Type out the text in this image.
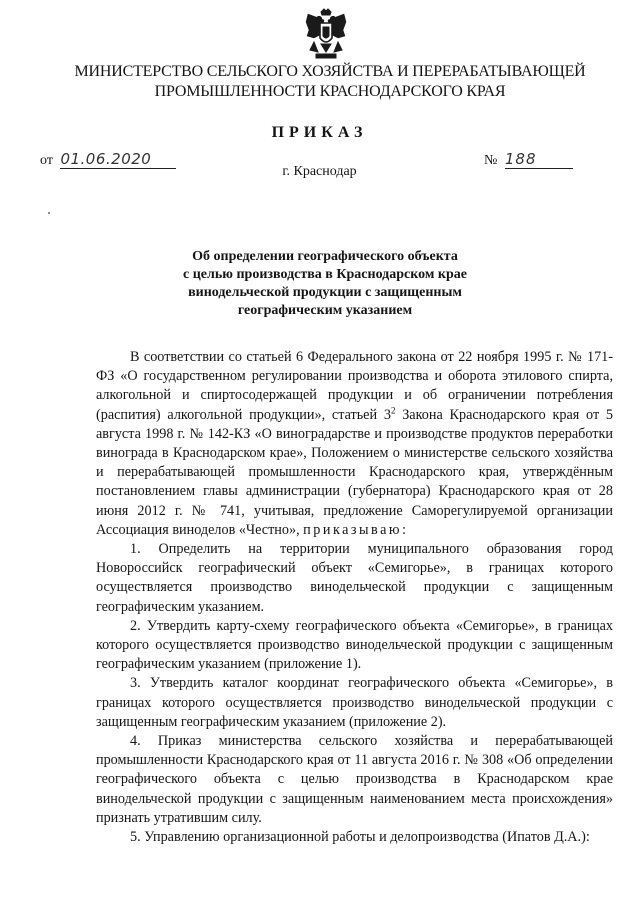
МИНИСТЕРСТВО СЕЛЬСКОГО ХОЗЯЙСТВА И ПЕРЕРАБАТЫВАЮЩЕЙ
ПРОМЫШЛЕННОСТИ КРАСНОДАРСКОГО КРАЯ
ПРИКАЗ
от 01.06.2020	№ 188
г. Краснодар
Об определении географического объекта
с целью производства в Краснодарском крае
винодельческой продукции с защищенным
географическим указанием

В соответствии со статьей 6 Федерального закона от 22 ноября 1995 г. № 171-ФЗ «О государственном регулировании производства и оборота этилового спирта, алкогольной и спиртосодержащей продукции и об ограничении потребления (распития) алкогольной продукции», статьей $3^2$ Закона Краснодарского края от 5 августа 1998 г. № 142-КЗ «О виноградарстве и производстве продуктов переработки винограда в Краснодарском крае», Положением о министерстве сельского хозяйства и перерабатывающей промышленности Краснодарского края, утверждённым постановлением главы администрации (губернатора) Краснодарского края от 28 июня 2012 г. № 741, учитывая, предложение Саморегулируемой организации Ассоциация виноделов «Честно», приказываю:

1. Определить на территории муниципального образования город Новороссийск географический объект «Семигорье», в границах которого осуществляется производство винодельческой продукции с защищенным географическим указанием.

2. Утвердить карту-схему географического объекта «Семигорье», в границах которого осуществляется производство винодельческой продукции с защищенным географическим указанием (приложение 1).

3. Утвердить каталог координат географического объекта «Семигорье», в границах которого осуществляется производство винодельческой продукции с защищенным географическим указанием (приложение 2).

4. Приказ министерства сельского хозяйства и перерабатывающей промышленности Краснодарского края от 11 августа 2016 г. № 308 «Об определении географического объекта с целью производства в Краснодарском крае винодельческой продукции с защищенным наименованием места происхождения» признать утратившим силу.

5. Управлению организационной работы и делопроизводства (Ипатов Д.А.):
